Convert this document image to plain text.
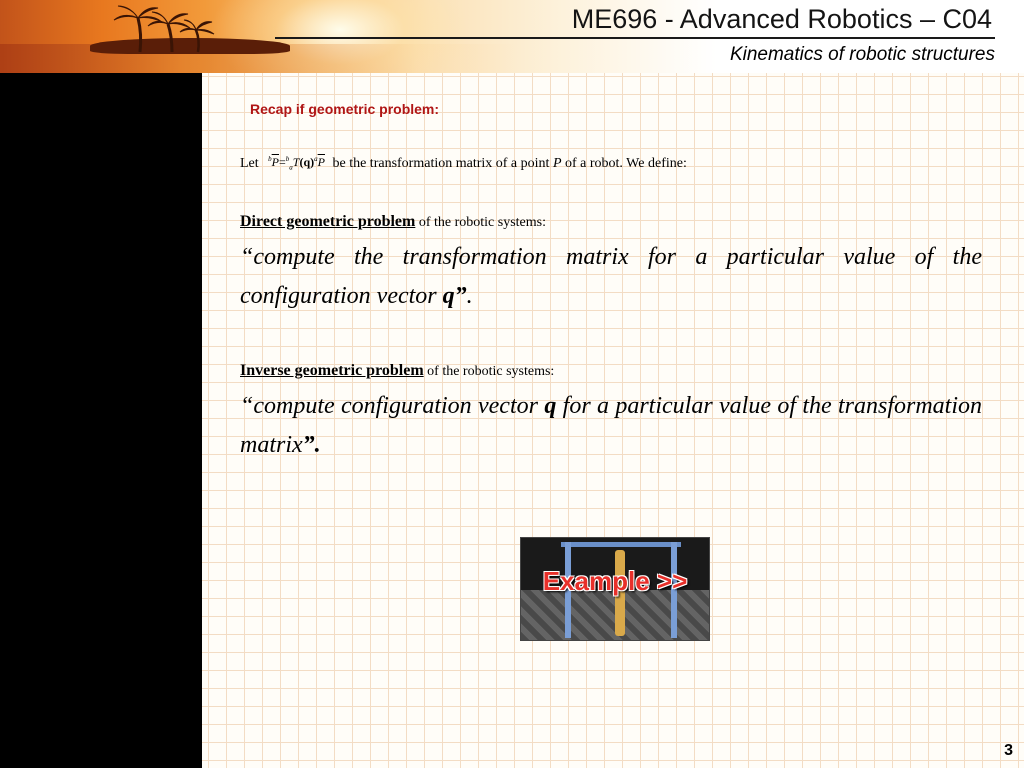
ME696 - Advanced Robotics – C04
Kinematics of robotic structures
Recap if geometric problem:
Let $^b\overline{P}=^b_aT(q)^a\overline{P}$ be the transformation matrix of a point P of a robot. We define:
Direct geometric problem of the robotic systems:
“compute the transformation matrix for a particular value of the configuration vector q”.
Inverse geometric problem of the robotic systems:
“compute configuration vector q for a particular value of the transformation matrix”.
Example >>
3
